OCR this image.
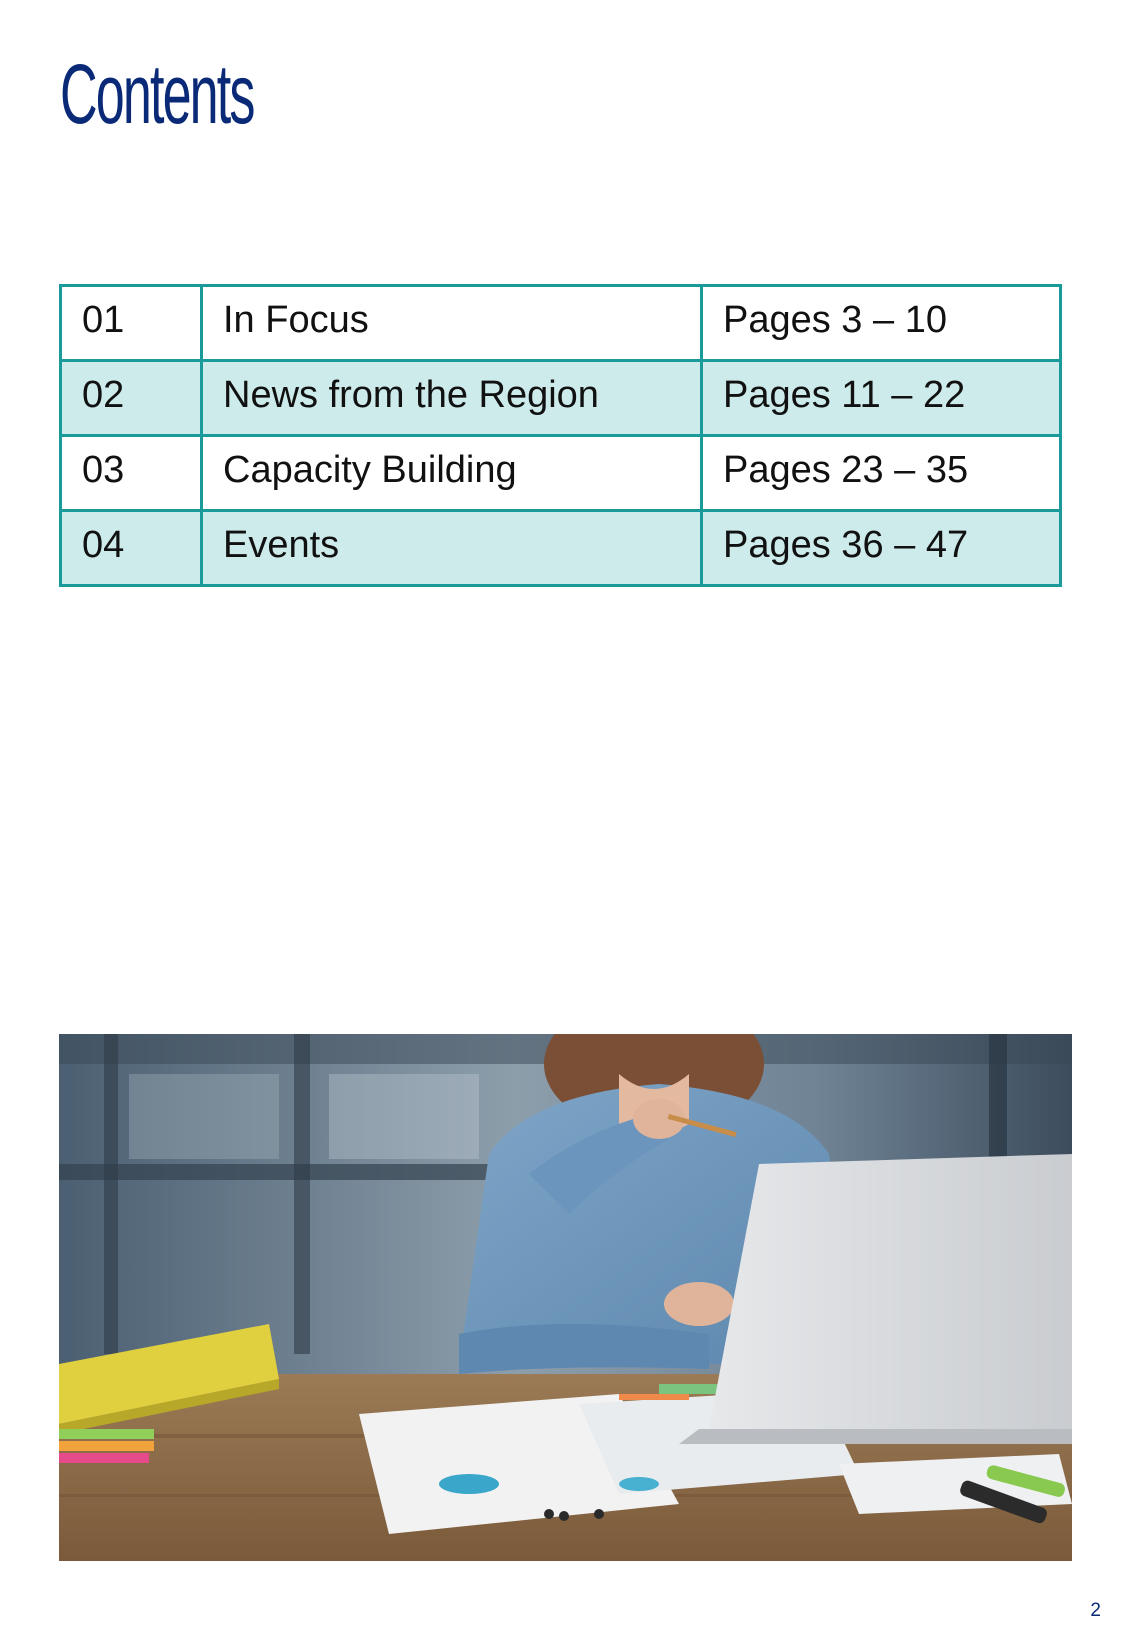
Contents
01	In Focus	Pages 3 – 10
02	News from the Region	Pages 11 – 22
03	Capacity Building	Pages 23 – 35
04	Events	Pages 36 – 47
2
